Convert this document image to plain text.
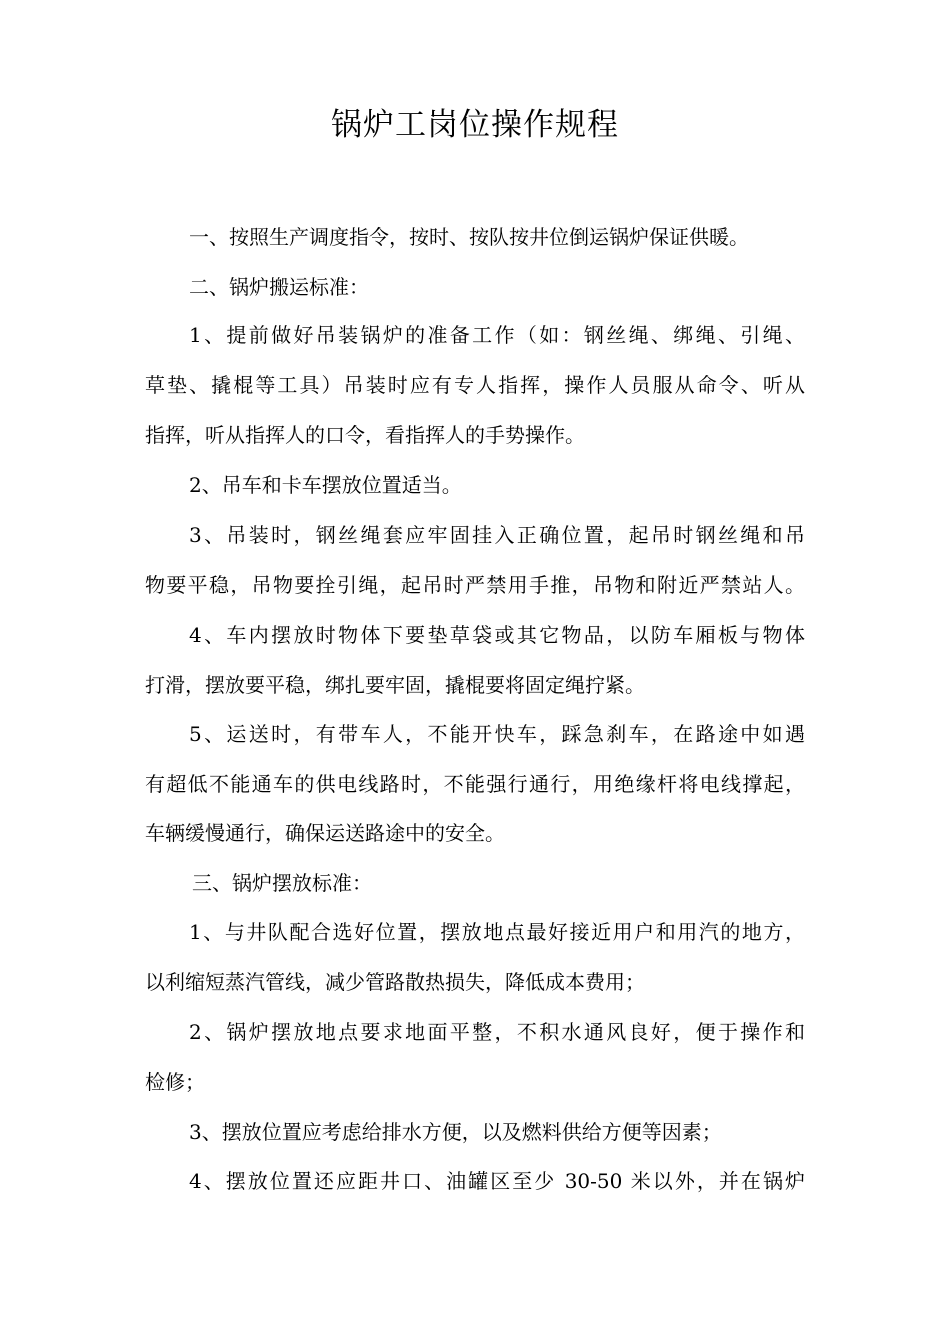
锅炉工岗位操作规程

一、按照生产调度指令，按时、按队按井位倒运锅炉保证供暖。

二、锅炉搬运标准：

1、提前做好吊装锅炉的准备工作（如：钢丝绳、绑绳、引绳、

草垫、撬棍等工具）吊装时应有专人指挥，操作人员服从命令、听从

指挥，听从指挥人的口令，看指挥人的手势操作。

2、吊车和卡车摆放位置适当。

3、吊装时，钢丝绳套应牢固挂入正确位置，起吊时钢丝绳和吊

物要平稳，吊物要拴引绳，起吊时严禁用手推，吊物和附近严禁站人。

4、车内摆放时物体下要垫草袋或其它物品，以防车厢板与物体

打滑，摆放要平稳，绑扎要牢固，撬棍要将固定绳拧紧。

5、运送时，有带车人，不能开快车，踩急刹车，在路途中如遇

有超低不能通车的供电线路时，不能强行通行，用绝缘杆将电线撑起，

车辆缓慢通行，确保运送路途中的安全。

三、锅炉摆放标准：

1、与井队配合选好位置，摆放地点最好接近用户和用汽的地方，

以利缩短蒸汽管线，减少管路散热损失，降低成本费用；

2、锅炉摆放地点要求地面平整，不积水通风良好，便于操作和

检修；

3、摆放位置应考虑给排水方便，以及燃料供给方便等因素；

4、摆放位置还应距井口、油罐区至少 30-50 米以外，并在锅炉
